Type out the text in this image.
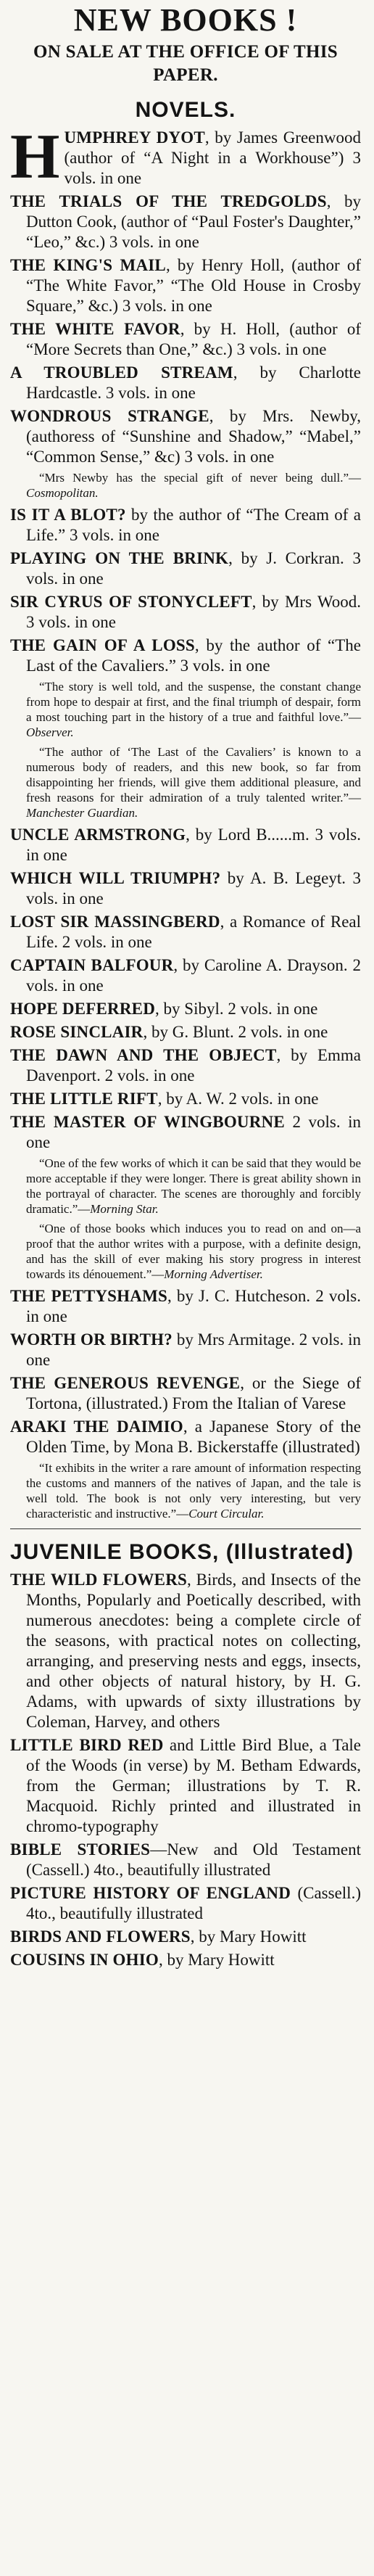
NEW BOOKS !
ON SALE AT THE OFFICE OF THIS PAPER.
NOVELS.

HUMPHREY DYOT, by James Greenwood (author of “A Night in a Workhouse”) 3 vols. in one

THE TRIALS OF THE TREDGOLDS, by Dutton Cook, (author of “Paul Foster's Daughter,” “Leo,” &c.) 3 vols. in one

THE KING'S MAIL, by Henry Holl, (author of “The White Favor,” “The Old House in Crosby Square,” &c.) 3 vols. in one

THE WHITE FAVOR, by H. Holl, (author of “More Secrets than One,” &c.) 3 vols. in one

A TROUBLED STREAM, by Charlotte Hardcastle. 3 vols. in one

WONDROUS STRANGE, by Mrs. Newby, (authoress of “Sunshine and Shadow,” “Mabel,” “Common Sense,” &c) 3 vols. in one

“Mrs Newby has the special gift of never being dull.”—Cosmopolitan.

IS IT A BLOT? by the author of “The Cream of a Life.” 3 vols. in one

PLAYING ON THE BRINK, by J. Corkran. 3 vols. in one

SIR CYRUS OF STONYCLEFT, by Mrs Wood. 3 vols. in one

THE GAIN OF A LOSS, by the author of “The Last of the Cavaliers.” 3 vols. in one

“The story is well told, and the suspense, the constant change from hope to despair at first, and the final triumph of despair, form a most touching part in the history of a true and faithful love.”—Observer.

“The author of ‘The Last of the Cavaliers’ is known to a numerous body of readers, and this new book, so far from disappointing her friends, will give them additional pleasure, and fresh reasons for their admiration of a truly talented writer.”—Manchester Guardian.

UNCLE ARMSTRONG, by Lord B......m. 3 vols. in one

WHICH WILL TRIUMPH? by A. B. Legeyt. 3 vols. in one

LOST SIR MASSINGBERD, a Romance of Real Life. 2 vols. in one

CAPTAIN BALFOUR, by Caroline A. Drayson. 2 vols. in one

HOPE DEFERRED, by Sibyl. 2 vols. in one

ROSE SINCLAIR, by G. Blunt. 2 vols. in one

THE DAWN AND THE OBJECT, by Emma Davenport. 2 vols. in one

THE LITTLE RIFT, by A. W. 2 vols. in one

THE MASTER OF WINGBOURNE 2 vols. in one

“One of the few works of which it can be said that they would be more acceptable if they were longer. There is great ability shown in the portrayal of character. The scenes are thoroughly and forcibly dramatic.”—Morning Star.

“One of those books which induces you to read on and on—a proof that the author writes with a purpose, with a definite design, and has the skill of ever making his story progress in interest towards its dénouement.”—Morning Advertiser.

THE PETTYSHAMS, by J. C. Hutcheson. 2 vols. in one

WORTH OR BIRTH? by Mrs Armitage. 2 vols. in one

THE GENEROUS REVENGE, or the Siege of Tortona, (illustrated.) From the Italian of Varese

ARAKI THE DAIMIO, a Japanese Story of the Olden Time, by Mona B. Bickerstaffe (illustrated)

“It exhibits in the writer a rare amount of information respecting the customs and manners of the natives of Japan, and the tale is well told. The book is not only very interesting, but very characteristic and instructive.”—Court Circular.

JUVENILE BOOKS, (Illustrated)

THE WILD FLOWERS, Birds, and Insects of the Months, Popularly and Poetically described, with numerous anecdotes: being a complete circle of the seasons, with practical notes on collecting, arranging, and preserving nests and eggs, insects, and other objects of natural history, by H. G. Adams, with upwards of sixty illustrations by Coleman, Harvey, and others

LITTLE BIRD RED and Little Bird Blue, a Tale of the Woods (in verse) by M. Betham Edwards, from the German; illustrations by T. R. Macquoid. Richly printed and illustrated in chromo-typography

BIBLE STORIES—New and Old Testament (Cassell.) 4to., beautifully illustrated

PICTURE HISTORY OF ENGLAND (Cassell.) 4to., beautifully illustrated

BIRDS AND FLOWERS, by Mary Howitt

COUSINS IN OHIO, by Mary Howitt
